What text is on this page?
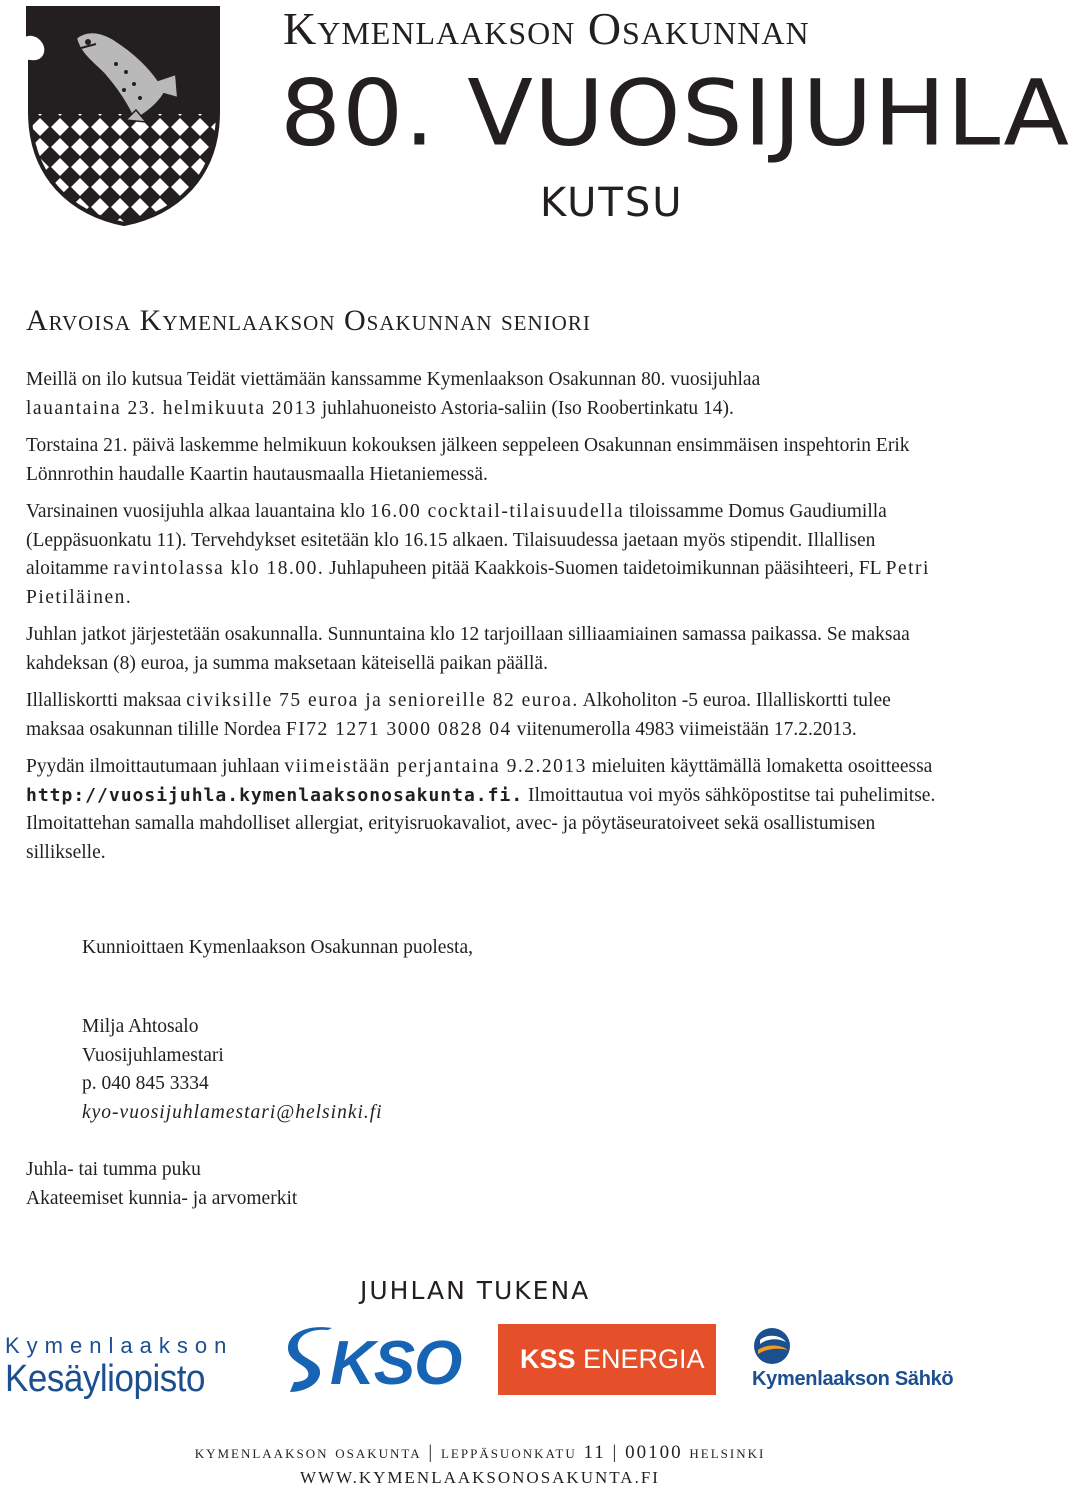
Kymenlaakson Osakunnan
80. VUOSIJUHLA
KUTSU
Arvoisa Kymenlaakson Osakunnan seniori

Meillä on ilo kutsua Teidät viettämään kanssamme Kymenlaakson Osakunnan 80. vuosijuhlaa
lauantaina 23. helmikuuta 2013 juhlahuoneisto Astoria-saliin (Iso Roobertinkatu 14).

Torstaina 21. päivä laskemme helmikuun kokouksen jälkeen seppeleen Osakunnan ensimmäisen inspehtorin Erik Lönnrothin haudalle Kaartin hautausmaalla Hietaniemessä.

Varsinainen vuosijuhla alkaa lauantaina klo 16.00 cocktail-tilaisuudella tiloissamme Domus Gaudiumilla (Leppäsuonkatu 11). Tervehdykset esitetään klo 16.15 alkaen. Tilaisuudessa jaetaan myös stipendit. Illallisen aloitamme ravintolassa klo 18.00. Juhlapuheen pitää Kaakkois-Suomen taidetoimikunnan pääsihteeri, FL Petri Pietiläinen.

Juhlan jatkot järjestetään osakunnalla. Sunnuntaina klo 12 tarjoillaan silliaamiainen samassa paikassa. Se maksaa kahdeksan (8) euroa, ja summa maksetaan käteisellä paikan päällä.

Illalliskortti maksaa civiksille 75 euroa ja senioreille 82 euroa. Alkoholiton -5 euroa. Illalliskortti tulee maksaa osakunnan tilille Nordea FI72 1271 3000 0828 04 viitenumerolla 4983 viimeistään 17.2.2013.

Pyydän ilmoittautumaan juhlaan viimeistään perjantaina 9.2.2013 mieluiten käyttämällä lomaketta osoitteessa http://vuosijuhla.kymenlaaksonosakunta.fi. Ilmoittautua voi myös sähköpostitse tai puhelimitse. Ilmoitattehan samalla mahdolliset allergiat, erityisruokavaliot, avec- ja pöytäseuratoiveet sekä osallistumisen sillikselle.

Kunnioittaen Kymenlaakson Osakunnan puolesta,
Milja Ahtosalo
Vuosijuhlamestari
p. 040 845 3334
kyo-vuosijuhlamestari@helsinki.fi
Juhla- tai tumma puku
Akateemiset kunnia- ja arvomerkit
JUHLAN TUKENA
Kymenlaakson
Kesäyliopisto KSO KSS ENERGIA
Kymenlaakson Sähkö
kymenlaakson osakunta | leppäsuonkatu 11 | 00100 helsinki
WWW.KYMENLAAKSONOSAKUNTA.FI
